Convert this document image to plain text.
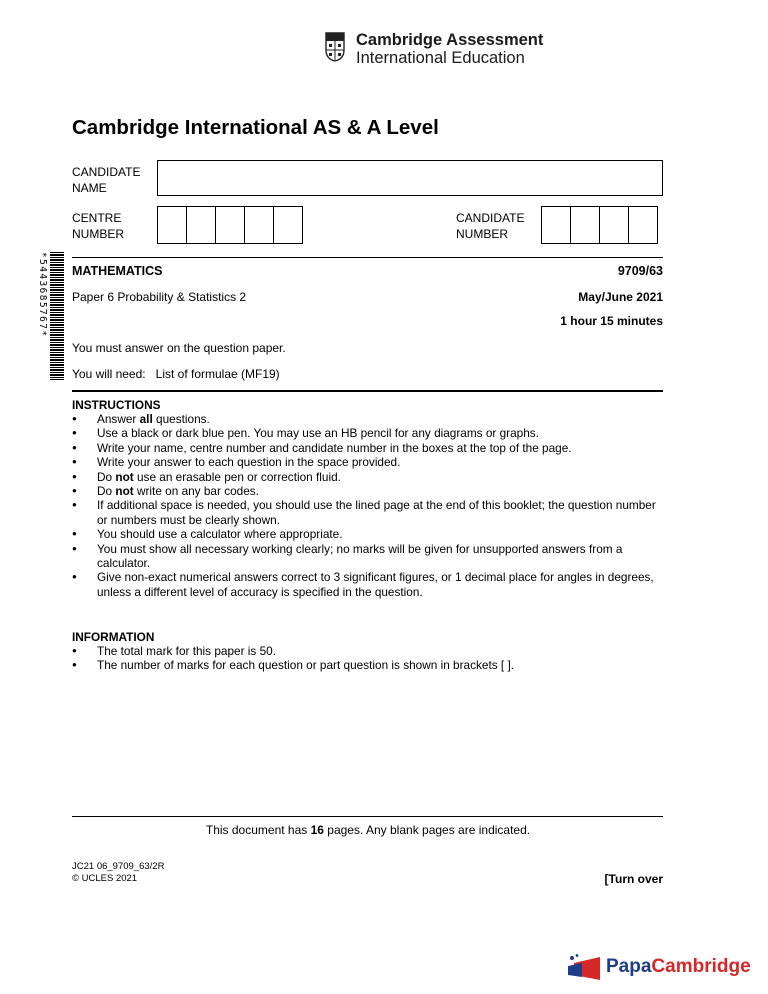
Cambridge Assessment
International Education
Cambridge International AS & A Level
CANDIDATE
NAME
CENTRE
NUMBER
CANDIDATE
NUMBER
*5443685767* MATHEMATICS	9709/63
Paper 6 Probability & Statistics 2	May/June 2021
1 hour 15 minutes
You must answer on the question paper.
You will need: List of formulae (MF19)
INSTRUCTIONS
● Answer all questions.
● Use a black or dark blue pen. You may use an HB pencil for any diagrams or graphs.
● Write your name, centre number and candidate number in the boxes at the top of the page.
● Write your answer to each question in the space provided.
● Do not use an erasable pen or correction fluid.
● Do not write on any bar codes.
● If additional space is needed, you should use the lined page at the end of this booklet; the question number or numbers must be clearly shown.
● You should use a calculator where appropriate.
● You must show all necessary working clearly; no marks will be given for unsupported answers from a calculator.
● Give non-exact numerical answers correct to 3 significant figures, or 1 decimal place for angles in degrees, unless a different level of accuracy is specified in the question.
INFORMATION
● The total mark for this paper is 50.
● The number of marks for each question or part question is shown in brackets [ ].
This document has 16 pages. Any blank pages are indicated.
JC21 06_9709_63/2R
© UCLES 2021	[Turn over
PapaCambridge
